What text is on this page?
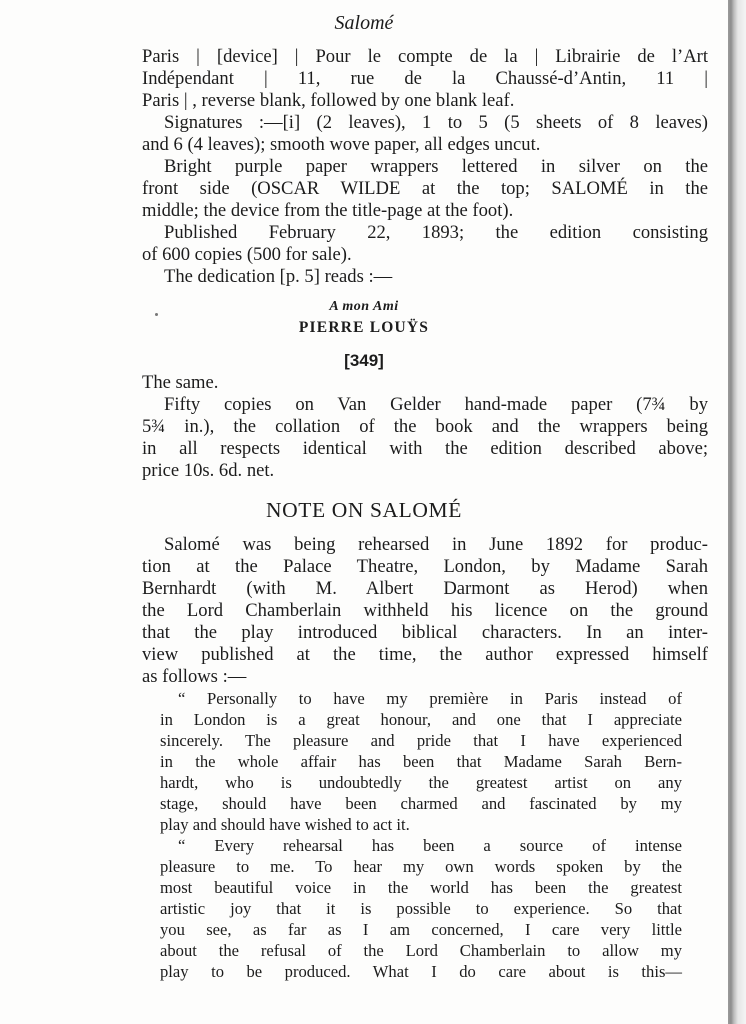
Salomé
Paris | [device] | Pour le compte de la | Librairie de l’Art
Indépendant | 11, rue de la Chaussé-d’Antin, 11 |
Paris | , reverse blank, followed by one blank leaf.
Signatures :—[i] (2 leaves), 1 to 5 (5 sheets of 8 leaves)
and 6 (4 leaves); smooth wove paper, all edges uncut.
Bright purple paper wrappers lettered in silver on the
front side (OSCAR WILDE at the top; SALOMÉ in the
middle; the device from the title-page at the foot).
Published February 22, 1893; the edition consisting
of 600 copies (500 for sale).
The dedication [p. 5] reads :—
A mon Ami
PIERRE LOUŸS
[349]
The same.
Fifty copies on Van Gelder hand-made paper (7¾ by
5¾ in.), the collation of the book and the wrappers being
in all respects identical with the edition described above;
price 10s. 6d. net.
NOTE ON SALOMÉ
Salomé was being rehearsed in June 1892 for produc-
tion at the Palace Theatre, London, by Madame Sarah
Bernhardt (with M. Albert Darmont as Herod) when
the Lord Chamberlain withheld his licence on the ground
that the play introduced biblical characters. In an inter-
view published at the time, the author expressed himself
as follows :—
“ Personally to have my première in Paris instead of
in London is a great honour, and one that I appreciate
sincerely. The pleasure and pride that I have experienced
in the whole affair has been that Madame Sarah Bern-
hardt, who is undoubtedly the greatest artist on any
stage, should have been charmed and fascinated by my
play and should have wished to act it.
“ Every rehearsal has been a source of intense
pleasure to me. To hear my own words spoken by the
most beautiful voice in the world has been the greatest
artistic joy that it is possible to experience. So that
you see, as far as I am concerned, I care very little
about the refusal of the Lord Chamberlain to allow my
play to be produced. What I do care about is this—
